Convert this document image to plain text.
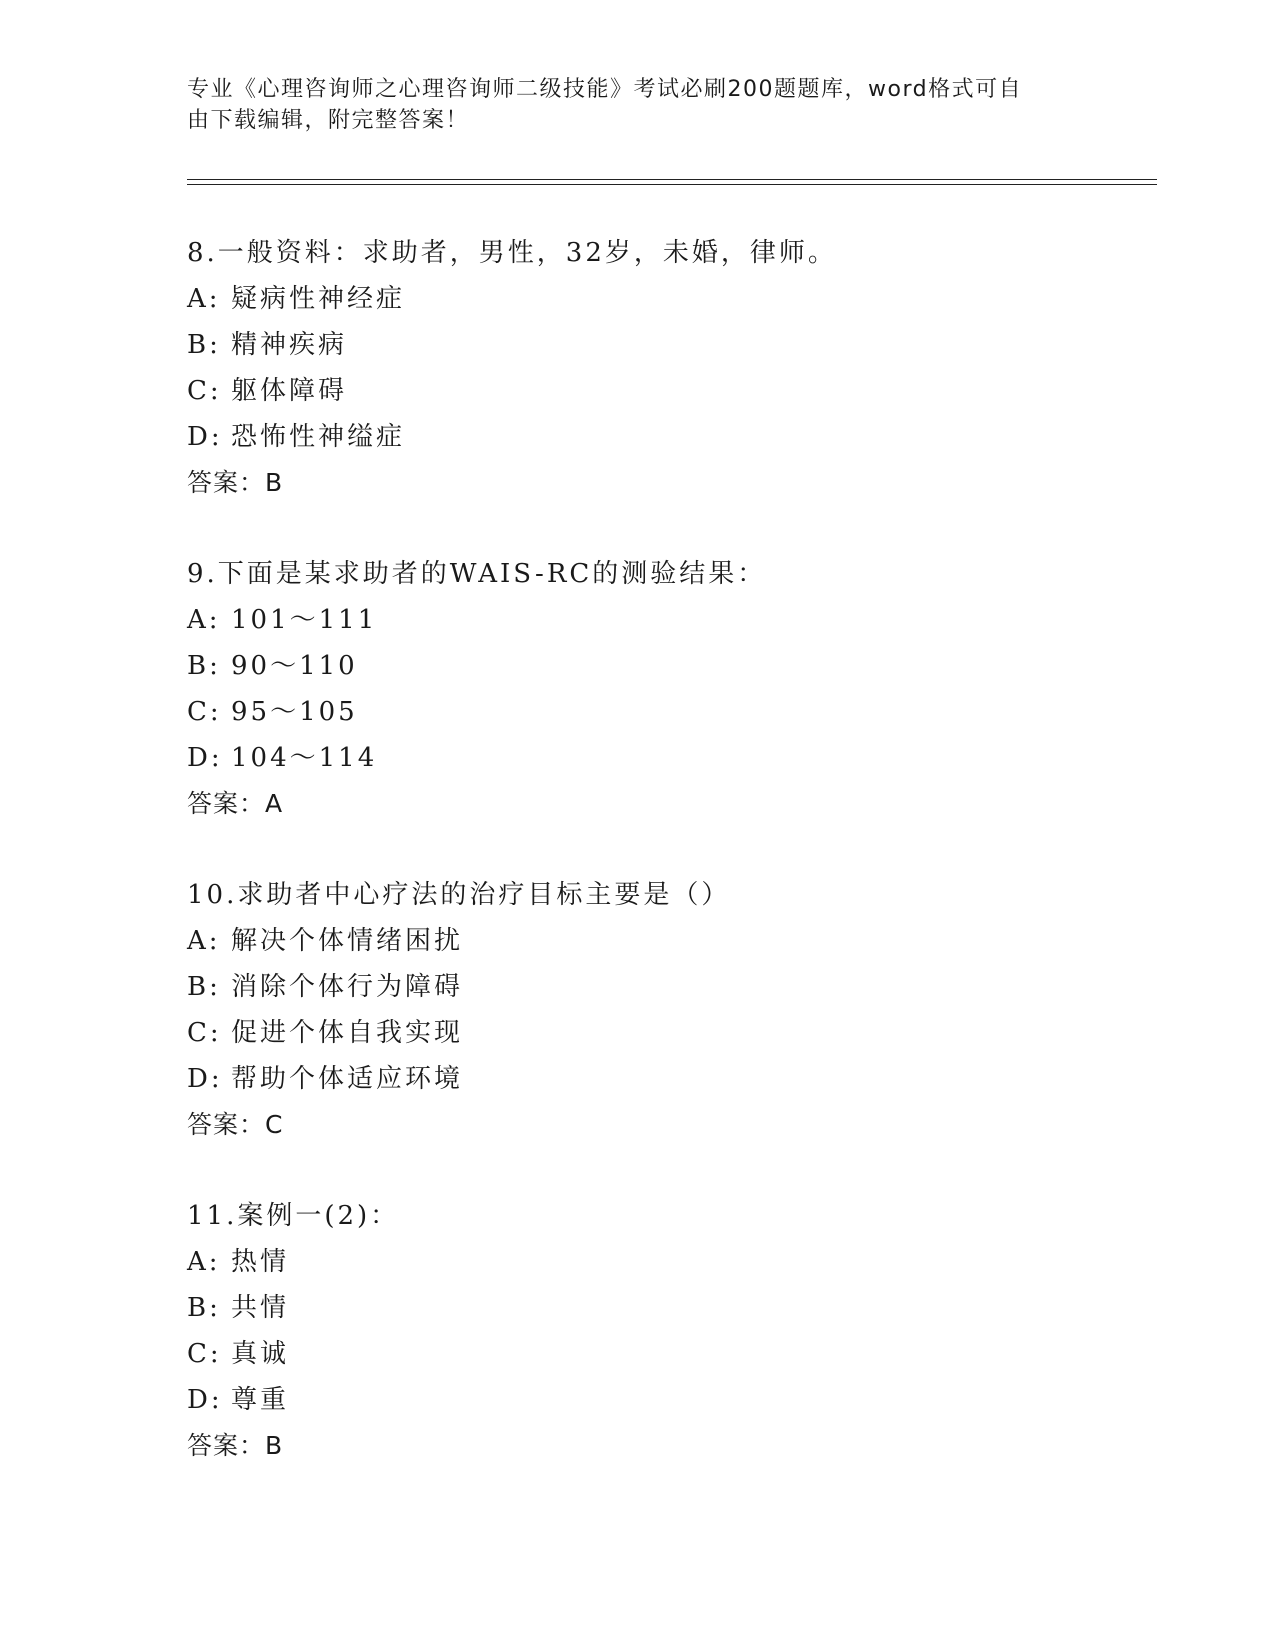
专业《心理咨询师之心理咨询师二级技能》考试必刷200题题库，word格式可自
由下载编辑，附完整答案！
8.一般资料：求助者，男性，32岁，未婚，律师。
A: 疑病性神经症
B: 精神疾病
C: 躯体障碍
D: 恐怖性神缢症
答案：B
9.下面是某求助者的WAIS-RC的测验结果：
A: 101～111
B: 90～110
C: 95～105
D: 104～114
答案：A
10.求助者中心疗法的治疗目标主要是（）
A: 解决个体情绪困扰
B: 消除个体行为障碍
C: 促进个体自我实现
D: 帮助个体适应环境
答案：C
11.案例一(2)：
A: 热情
B: 共情
C: 真诚
D: 尊重
答案：B
